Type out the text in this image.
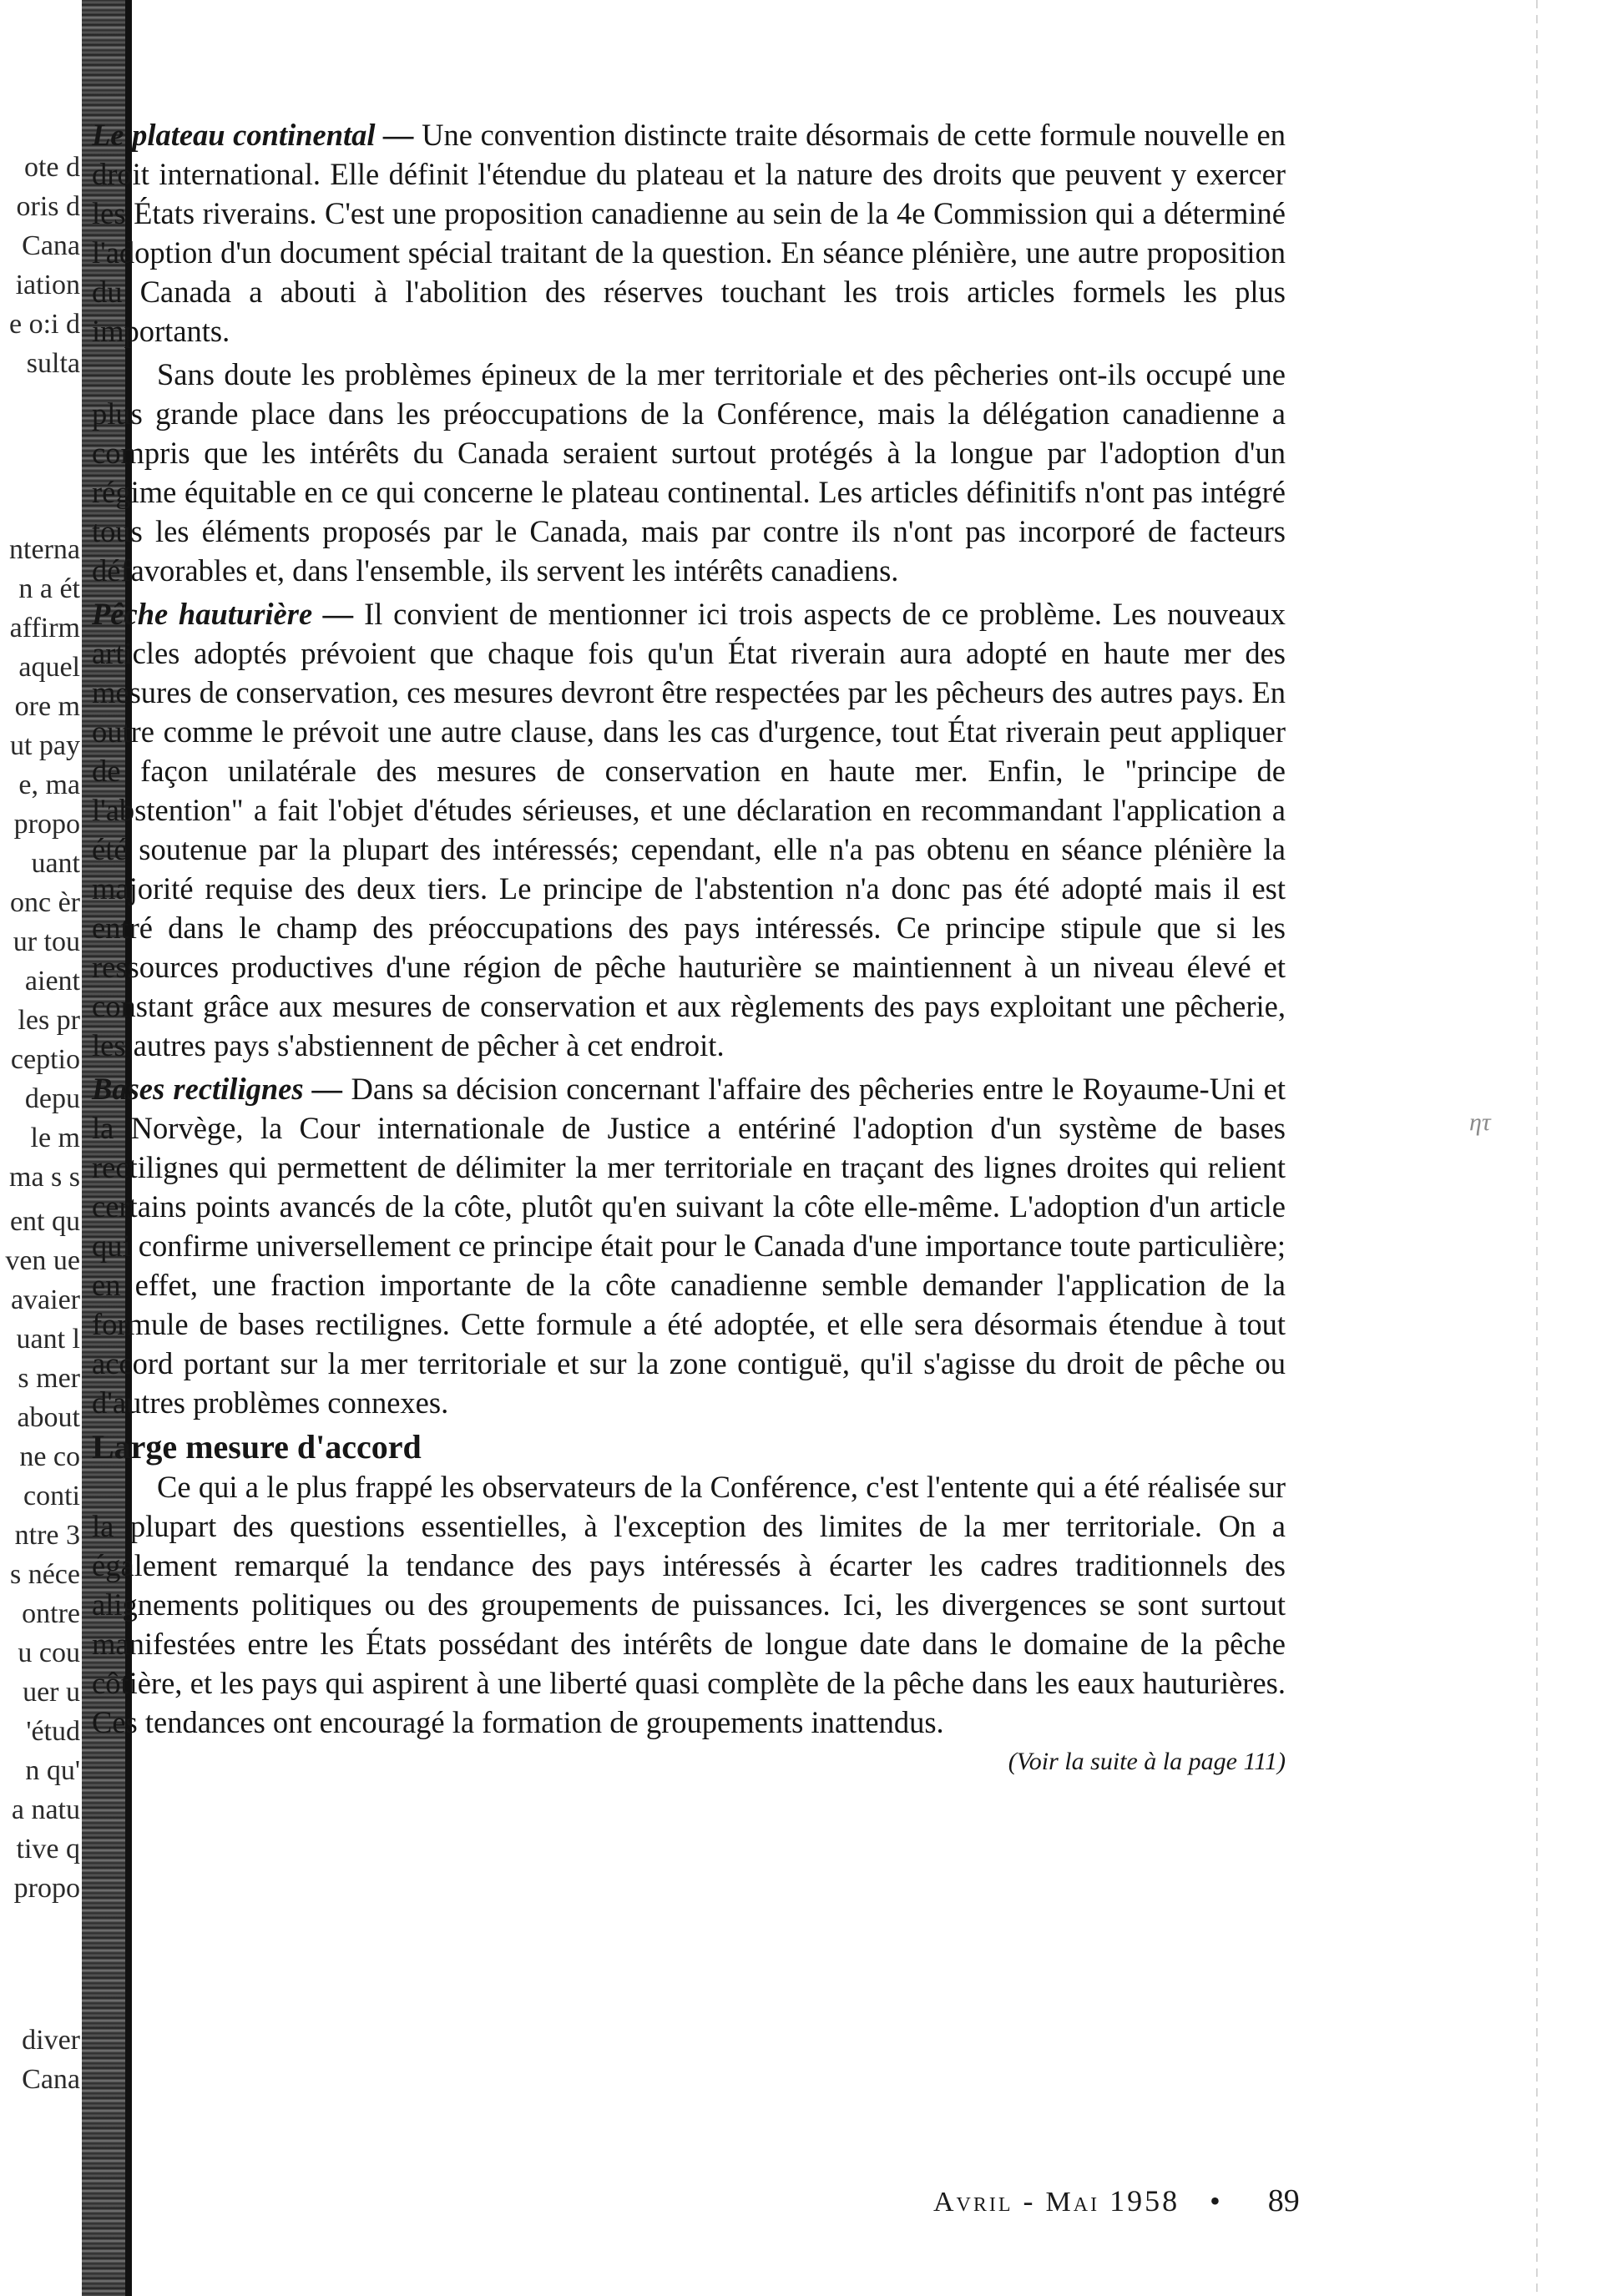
ote d
oris d
Cana
iation
e o:i d
sulta
nterna
n a ét
affirm
aquel
ore m
ut pay
e, ma
propo
uant
onc èr
ur tou
aient
les pr
ceptio
depu
le m
ma s s
ent qu
ven ue
avaier
uant l
s mer
about
ne co
conti
ntre 3
s néce
ontre
u cou
uer u
'étud
n qu'
a natu
tive q
propo
diver
Cana

Le plateau continental — Une convention distincte traite désormais de cette formule nouvelle en droit international. Elle définit l'étendue du plateau et la nature des droits que peuvent y exercer les États riverains. C'est une proposition canadienne au sein de la 4e Commission qui a déterminé l'adoption d'un document spécial traitant de la question. En séance plénière, une autre proposition du Canada a abouti à l'abolition des réserves touchant les trois articles formels les plus importants.

Sans doute les problèmes épineux de la mer territoriale et des pêcheries ont-ils occupé une plus grande place dans les préoccupations de la Conférence, mais la délégation canadienne a compris que les intérêts du Canada seraient surtout protégés à la longue par l'adoption d'un régime équitable en ce qui concerne le plateau continental. Les articles définitifs n'ont pas intégré tous les éléments proposés par le Canada, mais par contre ils n'ont pas incorporé de facteurs défavorables et, dans l'ensemble, ils servent les intérêts canadiens.

Pêche hauturière — Il convient de mentionner ici trois aspects de ce problème. Les nouveaux articles adoptés prévoient que chaque fois qu'un État riverain aura adopté en haute mer des mesures de conservation, ces mesures devront être respectées par les pêcheurs des autres pays. En outre comme le prévoit une autre clause, dans les cas d'urgence, tout État riverain peut appliquer de façon unilatérale des mesures de conservation en haute mer. Enfin, le "principe de l'abstention" a fait l'objet d'études sérieuses, et une déclaration en recommandant l'application a été soutenue par la plupart des intéressés; cependant, elle n'a pas obtenu en séance plénière la majorité requise des deux tiers. Le principe de l'abstention n'a donc pas été adopté mais il est entré dans le champ des préoccupations des pays intéressés. Ce principe stipule que si les ressources productives d'une région de pêche hauturière se maintiennent à un niveau élevé et constant grâce aux mesures de conservation et aux règlements des pays exploitant une pêcherie, les autres pays s'abstiennent de pêcher à cet endroit.

Bases rectilignes — Dans sa décision concernant l'affaire des pêcheries entre le Royaume-Uni et la Norvège, la Cour internationale de Justice a entériné l'adoption d'un système de bases rectilignes qui permettent de délimiter la mer territoriale en traçant des lignes droites qui relient certains points avancés de la côte, plutôt qu'en suivant la côte elle-même. L'adoption d'un article qui confirme universellement ce principe était pour le Canada d'une importance toute particulière; en effet, une fraction importante de la côte canadienne semble demander l'application de la formule de bases rectilignes. Cette formule a été adoptée, et elle sera désormais étendue à tout accord portant sur la mer territoriale et sur la zone contiguë, qu'il s'agisse du droit de pêche ou d'autres problèmes connexes.

Large mesure d'accord

Ce qui a le plus frappé les observateurs de la Conférence, c'est l'entente qui a été réalisée sur la plupart des questions essentielles, à l'exception des limites de la mer territoriale. On a également remarqué la tendance des pays intéressés à écarter les cadres traditionnels des alignements politiques ou des groupements de puissances. Ici, les divergences se sont surtout manifestées entre les États possédant des intérêts de longue date dans le domaine de la pêche côtière, et les pays qui aspirent à une liberté quasi complète de la pêche dans les eaux hauturières. Ces tendances ont encouragé la formation de groupements inattendus.

(Voir la suite à la page 111)

Avril - Mai 1958 • 89
ητ
